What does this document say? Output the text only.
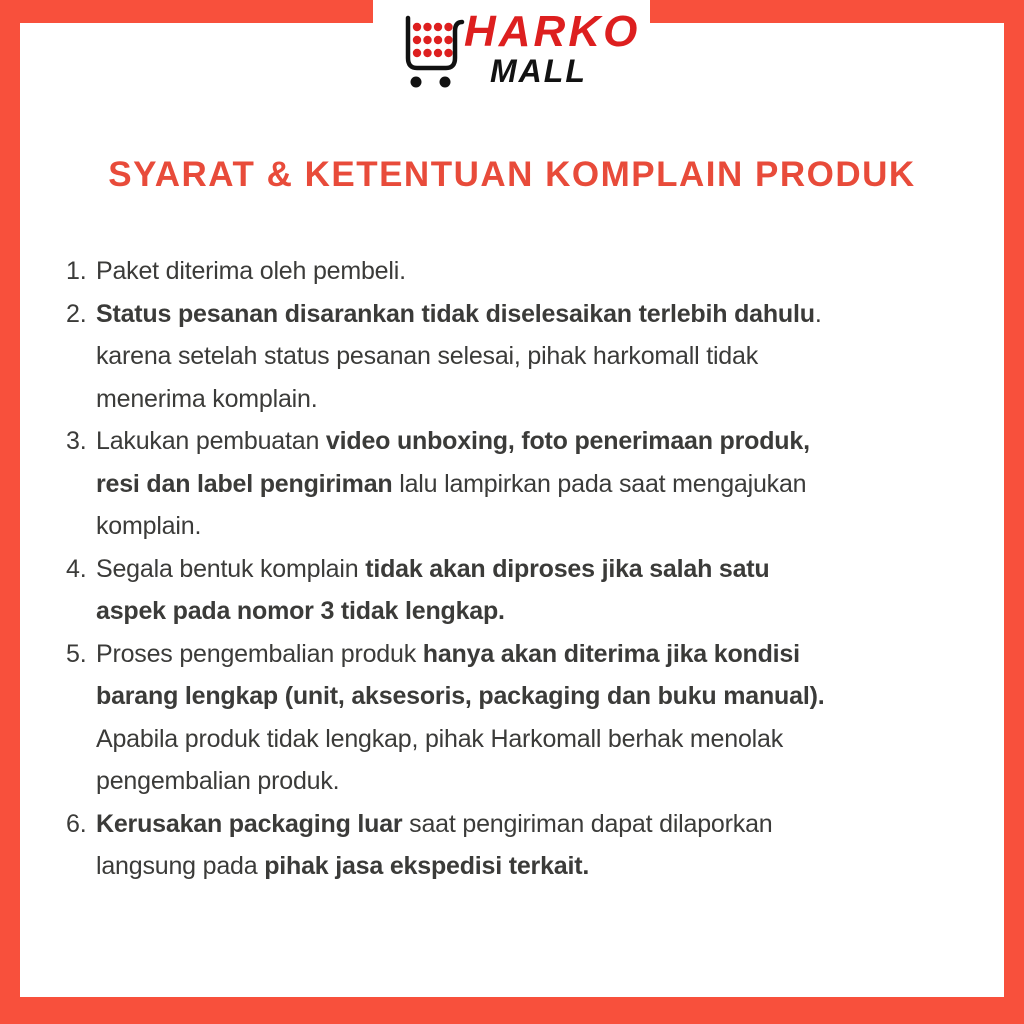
HARKO
MALL
SYARAT & KETENTUAN KOMPLAIN PRODUK
1. Paket diterima oleh pembeli.
2. Status pesanan disarankan tidak diselesaikan terlebih dahulu.
karena setelah status pesanan selesai, pihak harkomall tidak
menerima komplain.
3. Lakukan pembuatan video unboxing, foto penerimaan produk,
resi dan label pengiriman lalu lampirkan pada saat mengajukan
komplain.
4. Segala bentuk komplain tidak akan diproses jika salah satu
aspek pada nomor 3 tidak lengkap.
5. Proses pengembalian produk hanya akan diterima jika kondisi
barang lengkap (unit, aksesoris, packaging dan buku manual).
Apabila produk tidak lengkap, pihak Harkomall berhak menolak
pengembalian produk.
6. Kerusakan packaging luar saat pengiriman dapat dilaporkan
langsung pada pihak jasa ekspedisi terkait.
